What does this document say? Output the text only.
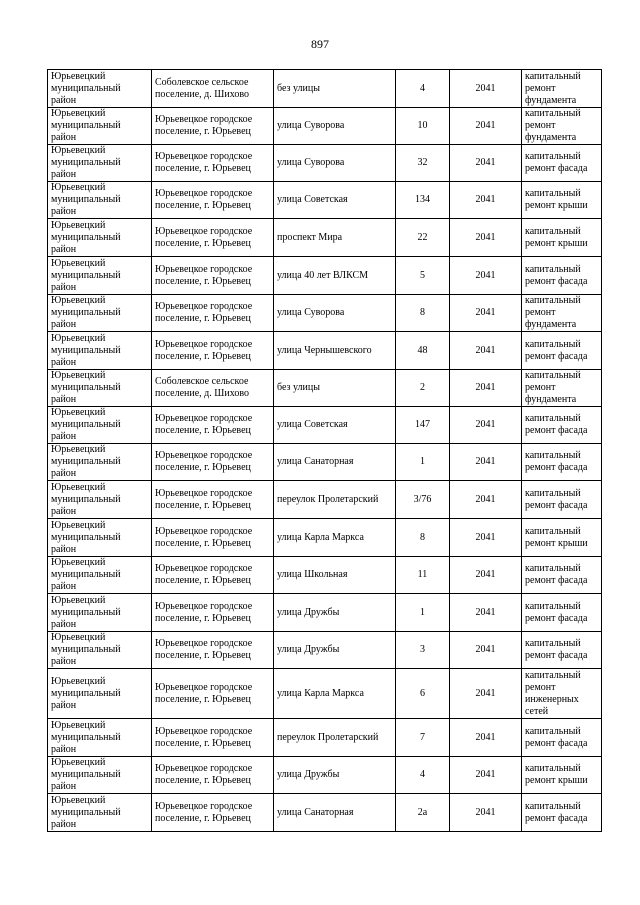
897
Юрьевецкий муниципальный район	Соболевское сельское поселение, д. Шихово	без улицы	4	2041	капитальный ремонт фундамента
Юрьевецкий муниципальный район	Юрьевецкое городское поселение, г. Юрьевец	улица Суворова	10	2041	капитальный ремонт фундамента
Юрьевецкий муниципальный район	Юрьевецкое городское поселение, г. Юрьевец	улица Суворова	32	2041	капитальный ремонт фасада
Юрьевецкий муниципальный район	Юрьевецкое городское поселение, г. Юрьевец	улица Советская	134	2041	капитальный ремонт крыши
Юрьевецкий муниципальный район	Юрьевецкое городское поселение, г. Юрьевец	проспект Мира	22	2041	капитальный ремонт крыши
Юрьевецкий муниципальный район	Юрьевецкое городское поселение, г. Юрьевец	улица 40 лет ВЛКСМ	5	2041	капитальный ремонт фасада
Юрьевецкий муниципальный район	Юрьевецкое городское поселение, г. Юрьевец	улица Суворова	8	2041	капитальный ремонт фундамента
Юрьевецкий муниципальный район	Юрьевецкое городское поселение, г. Юрьевец	улица Чернышевского	48	2041	капитальный ремонт фасада
Юрьевецкий муниципальный район	Соболевское сельское поселение, д. Шихово	без улицы	2	2041	капитальный ремонт фундамента
Юрьевецкий муниципальный район	Юрьевецкое городское поселение, г. Юрьевец	улица Советская	147	2041	капитальный ремонт фасада
Юрьевецкий муниципальный район	Юрьевецкое городское поселение, г. Юрьевец	улица Санаторная	1	2041	капитальный ремонт фасада
Юрьевецкий муниципальный район	Юрьевецкое городское поселение, г. Юрьевец	переулок Пролетарский	3/76	2041	капитальный ремонт фасада
Юрьевецкий муниципальный район	Юрьевецкое городское поселение, г. Юрьевец	улица Карла Маркса	8	2041	капитальный ремонт крыши
Юрьевецкий муниципальный район	Юрьевецкое городское поселение, г. Юрьевец	улица Школьная	11	2041	капитальный ремонт фасада
Юрьевецкий муниципальный район	Юрьевецкое городское поселение, г. Юрьевец	улица Дружбы	1	2041	капитальный ремонт фасада
Юрьевецкий муниципальный район	Юрьевецкое городское поселение, г. Юрьевец	улица Дружбы	3	2041	капитальный ремонт фасада
Юрьевецкий муниципальный район	Юрьевецкое городское поселение, г. Юрьевец	улица Карла Маркса	6	2041	капитальный ремонт инженерных сетей
Юрьевецкий муниципальный район	Юрьевецкое городское поселение, г. Юрьевец	переулок Пролетарский	7	2041	капитальный ремонт фасада
Юрьевецкий муниципальный район	Юрьевецкое городское поселение, г. Юрьевец	улица Дружбы	4	2041	капитальный ремонт крыши
Юрьевецкий муниципальный район	Юрьевецкое городское поселение, г. Юрьевец	улица Санаторная	2а	2041	капитальный ремонт фасада
